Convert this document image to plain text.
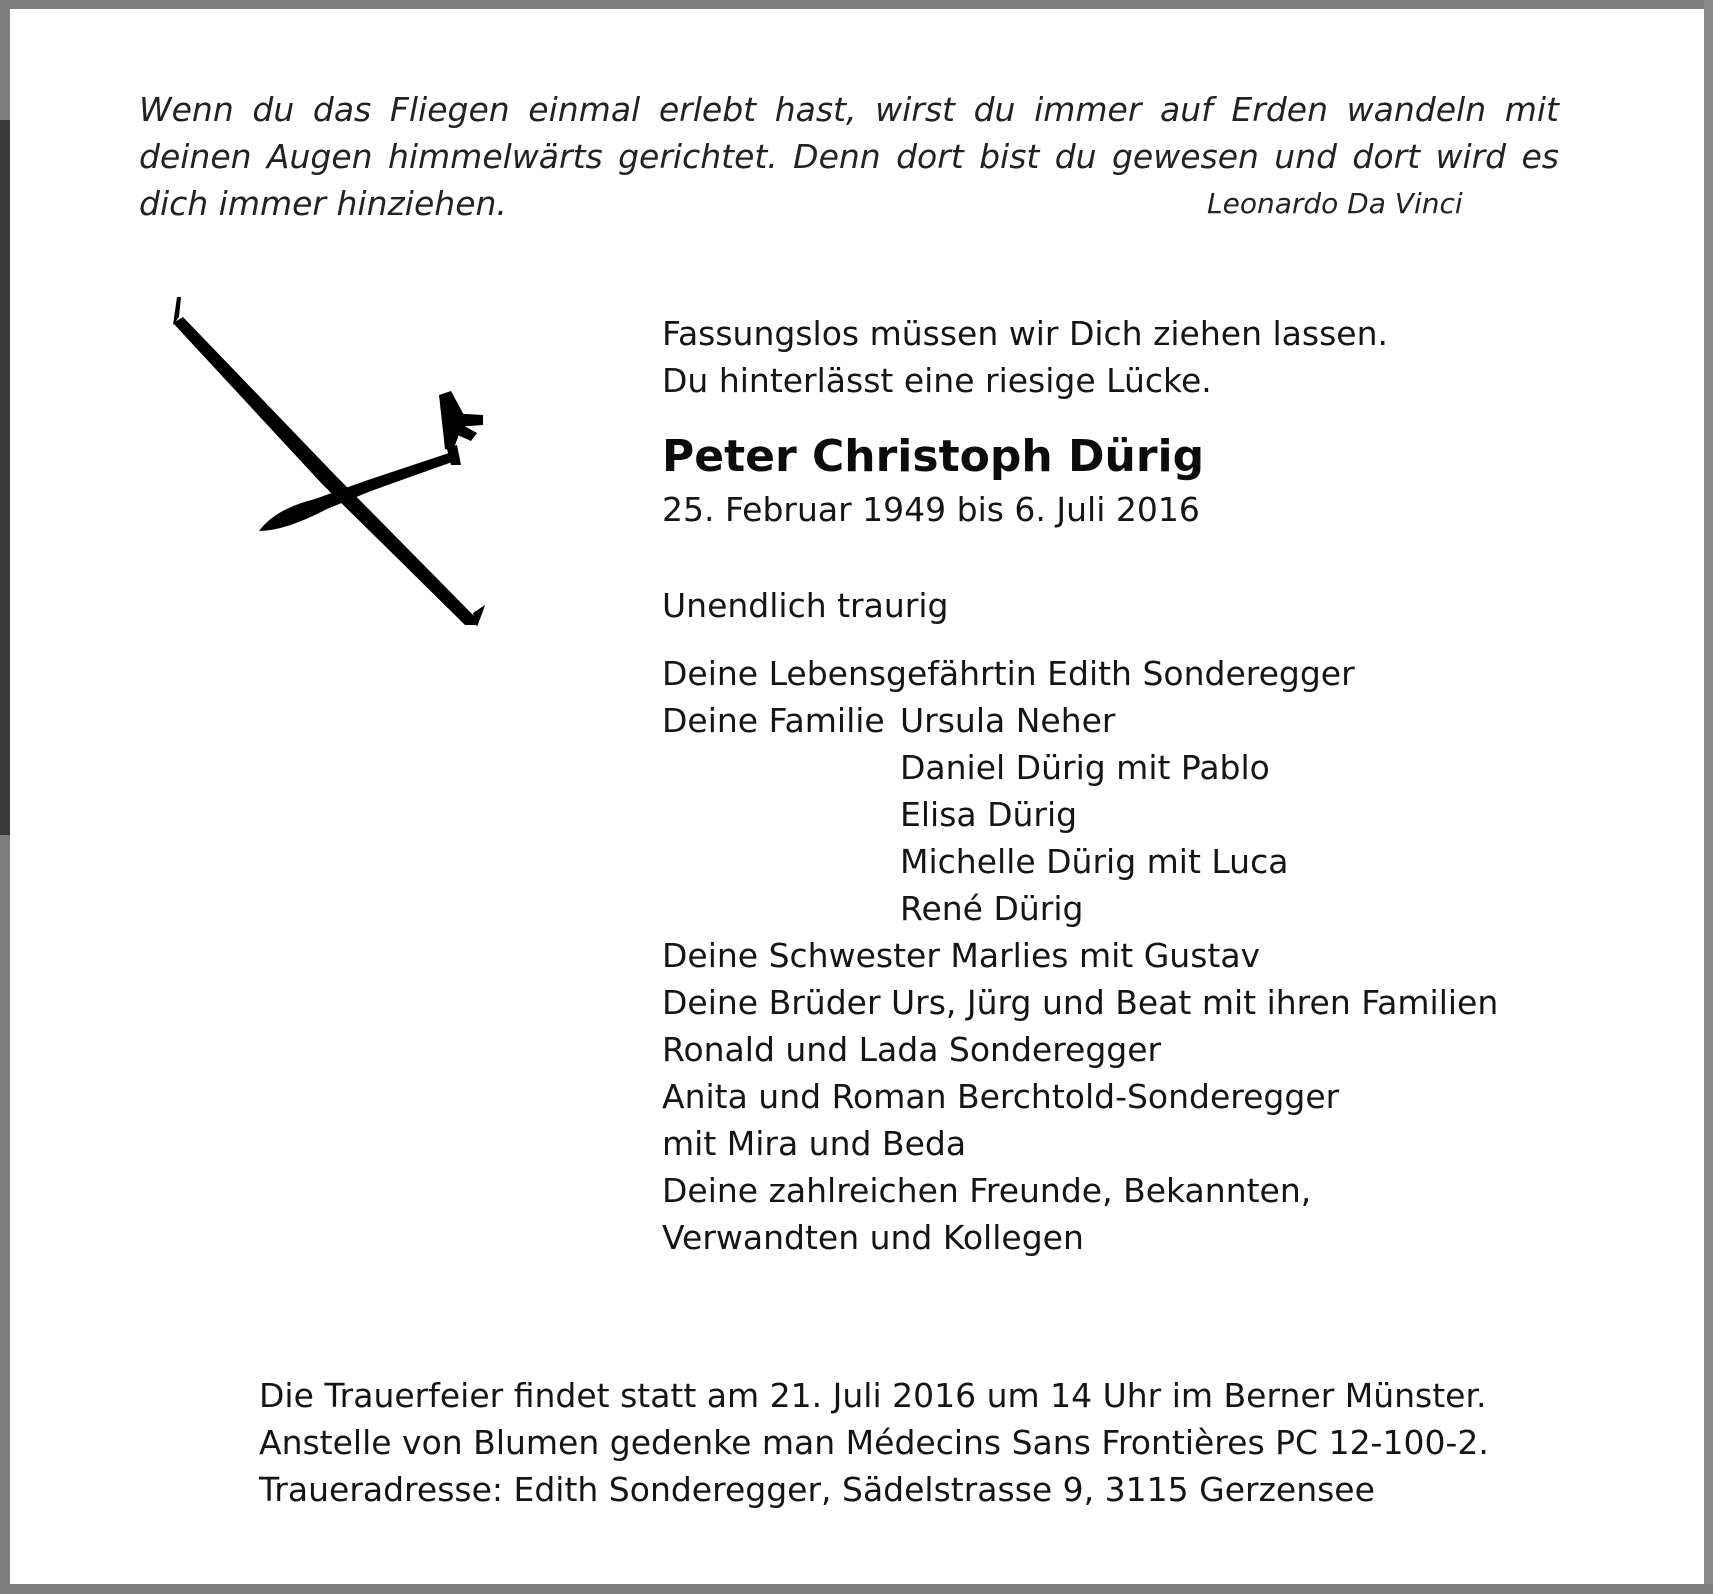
Wenn du das Fliegen einmal erlebt hast, wirst du immer auf Erden wandeln mit
deinen Augen himmelwärts gerichtet. Denn dort bist du gewesen und dort wird es
dich immer hinziehen.	Leonardo Da Vinci
Fassungslos müssen wir Dich ziehen lassen.
Du hinterlässt eine riesige Lücke.
Peter Christoph Dürig
25. Februar 1949 bis 6. Juli 2016
Unendlich traurig
Deine Lebensgefährtin Edith Sonderegger
Deine Familie Ursula Neher
Daniel Dürig mit Pablo
Elisa Dürig
Michelle Dürig mit Luca
René Dürig
Deine Schwester Marlies mit Gustav
Deine Brüder Urs, Jürg und Beat mit ihren Familien
Ronald und Lada Sonderegger
Anita und Roman Berchtold-Sonderegger
mit Mira und Beda
Deine zahlreichen Freunde, Bekannten,
Verwandten und Kollegen
Die Trauerfeier findet statt am 21. Juli 2016 um 14 Uhr im Berner Münster.
Anstelle von Blumen gedenke man Médecins Sans Frontières PC 12-100-2.
Traueradresse: Edith Sonderegger, Sädelstrasse 9, 3115 Gerzensee
